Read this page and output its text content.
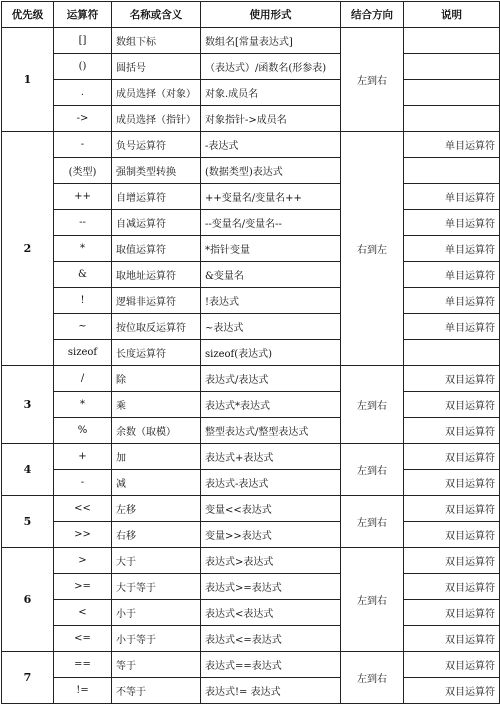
优先级	运算符	名称或含义	使用形式	结合方向	说明
1	[]	数组下标	数组名[常量表达式]	左到右	
	()	圆括号	（表达式）/函数名(形参表)		
	.	成员选择（对象）	对象.成员名		
	->	成员选择（指针）	对象指针->成员名		
2	-	负号运算符	-表达式	右到左	单目运算符
	(类型)	强制类型转换	(数据类型)表达式		
	++	自增运算符	++变量名/变量名++		单目运算符
	--	自减运算符	--变量名/变量名--		单目运算符
	*	取值运算符	*指针变量		单目运算符
	&	取地址运算符	&变量名		单目运算符
	!	逻辑非运算符	!表达式		单目运算符
	~	按位取反运算符	~表达式		单目运算符
	sizeof	长度运算符	sizeof(表达式)		
3	/	除	表达式/表达式	左到右	双目运算符
	*	乘	表达式*表达式		双目运算符
	%	余数（取模）	整型表达式/整型表达式		双目运算符
4	+	加	表达式+表达式	左到右	双目运算符
	-	减	表达式-表达式		双目运算符
5	<<	左移	变量<<表达式	左到右	双目运算符
	>>	右移	变量>>表达式		双目运算符
6	>	大于	表达式>表达式	左到右	双目运算符
	>=	大于等于	表达式>=表达式		双目运算符
	<	小于	表达式<表达式		双目运算符
	<=	小于等于	表达式<=表达式		双目运算符
7	==	等于	表达式==表达式	左到右	双目运算符
	!=	不等于	表达式!= 表达式		双目运算符
